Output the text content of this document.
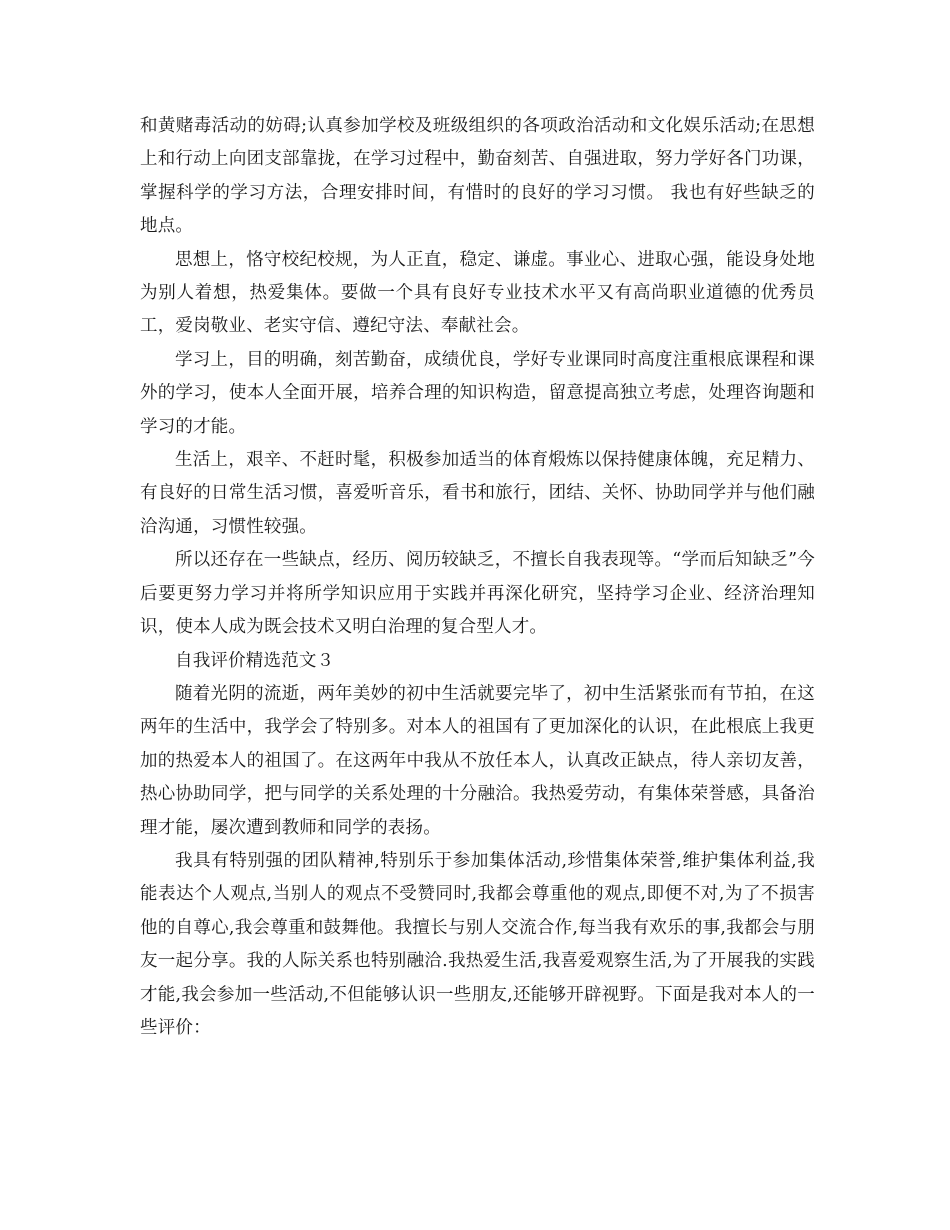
和黄赌毒活动的妨碍;认真参加学校及班级组织的各项政治活动和文化娱乐活动;在思想上和行动上向团支部靠拢，在学习过程中，勤奋刻苦、自强进取，努力学好各门功课，掌握科学的学习方法，合理安排时间，有惜时的良好的学习习惯。 我也有好些缺乏的地点。

思想上，恪守校纪校规，为人正直，稳定、谦虚。事业心、进取心强，能设身处地为别人着想，热爱集体。要做一个具有良好专业技术水平又有高尚职业道德的优秀员工，爱岗敬业、老实守信、遵纪守法、奉献社会。

学习上，目的明确，刻苦勤奋，成绩优良，学好专业课同时高度注重根底课程和课外的学习，使本人全面开展，培养合理的知识构造，留意提高独立考虑，处理咨询题和学习的才能。

生活上，艰辛、不赶时髦，积极参加适当的体育煅炼以保持健康体魄，充足精力、有良好的日常生活习惯，喜爱听音乐，看书和旅行，团结、关怀、协助同学并与他们融洽沟通，习惯性较强。

所以还存在一些缺点，经历、阅历较缺乏，不擅长自我表现等。“学而后知缺乏”今后要更努力学习并将所学知识应用于实践并再深化研究，坚持学习企业、经济治理知识，使本人成为既会技术又明白治理的复合型人才。

自我评价精选范文３

随着光阴的流逝，两年美妙的初中生活就要完毕了，初中生活紧张而有节拍，在这两年的生活中，我学会了特别多。对本人的祖国有了更加深化的认识，在此根底上我更加的热爱本人的祖国了。在这两年中我从不放任本人，认真改正缺点，待人亲切友善，热心协助同学，把与同学的关系处理的十分融洽。我热爱劳动，有集体荣誉感，具备治理才能，屡次遭到教师和同学的表扬。

我具有特别强的团队精神,特别乐于参加集体活动,珍惜集体荣誉,维护集体利益,我能表达个人观点,当别人的观点不受赞同时,我都会尊重他的观点,即便不对,为了不损害他的自尊心,我会尊重和鼓舞他。我擅长与别人交流合作,每当我有欢乐的事,我都会与朋友一起分享。我的人际关系也特别融洽.我热爱生活,我喜爱观察生活,为了开展我的实践才能,我会参加一些活动,不但能够认识一些朋友,还能够开辟视野。下面是我对本人的一些评价：
